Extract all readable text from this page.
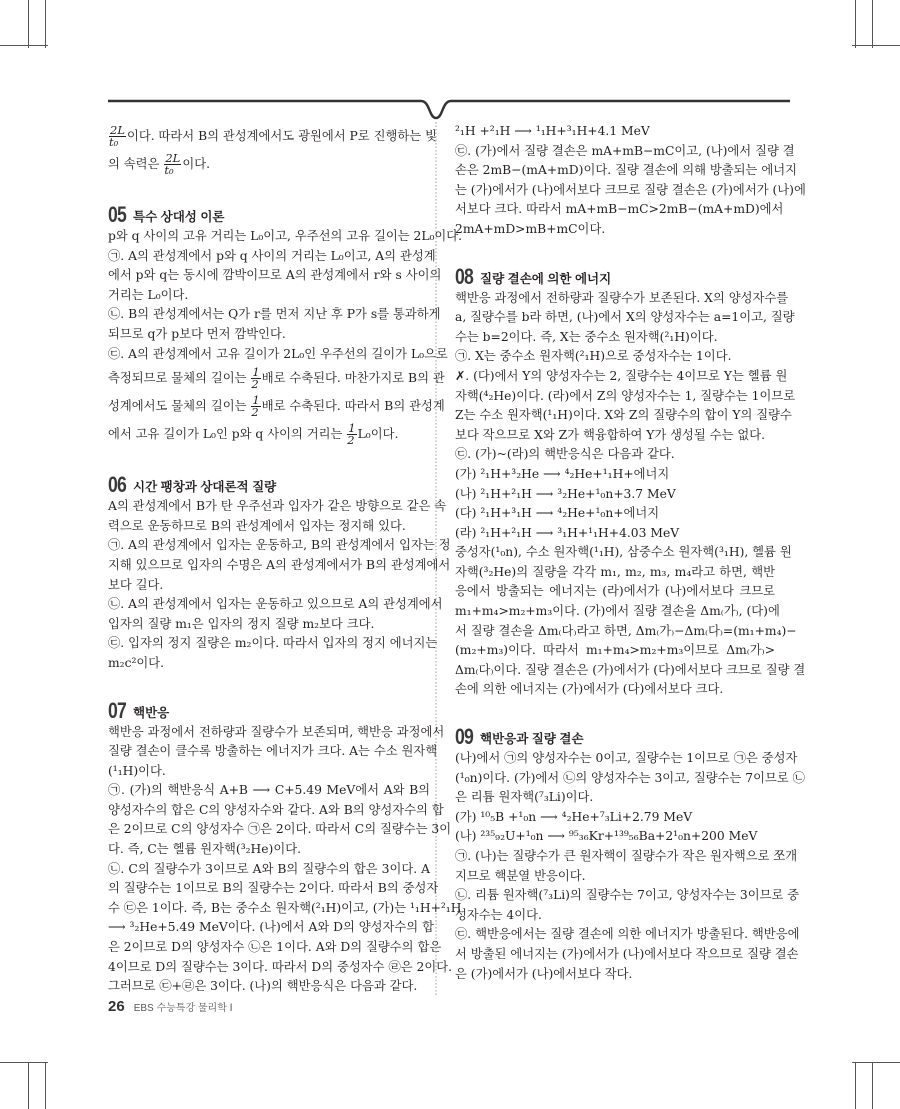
$\frac{2L}{\text{t₀}}$ 이다. 따라서 B의 관성계에서도 광원에서 P로 진행하는 빛
의 속력은 $\frac{2L}{\text{t₀}}$ 이다.
05 특수 상대성 이론
p와 q 사이의 고유 거리는 L₀이고, 우주선의 고유 길이는 2L₀이다.
㉠. A의 관성계에서 p와 q 사이의 거리는 L₀이고, A의 관성계
에서 p와 q는 동시에 깜박이므로 A의 관성계에서 r와 s 사이의
거리는 L₀이다.
㉡. B의 관성계에서는 Q가 r를 먼저 지난 후 P가 s를 통과하게
되므로 q가 p보다 먼저 깜박인다.
㉢. A의 관성계에서 고유 길이가 2L₀인 우주선의 길이가 L₀으로
측정되므로 물체의 길이는 $\frac{1}{2}$ 배로 수축된다. 마찬가지로 B의 관
성계에서도 물체의 길이는 $\frac{1}{2}$ 배로 수축된다. 따라서 B의 관성계
에서 고유 길이가 L₀인 p와 q 사이의 거리는 $\frac{1}{2} L_0$이다.
06 시간 팽창과 상대론적 질량
A의 관성계에서 B가 탄 우주선과 입자가 같은 방향으로 같은 속
력으로 운동하므로 B의 관성계에서 입자는 정지해 있다.
㉠. A의 관성계에서 입자는 운동하고, B의 관성계에서 입자는 정
지해 있으므로 입자의 수명은 A의 관성계에서가 B의 관성계에서
보다 길다.
㉡. A의 관성계에서 입자는 운동하고 있으므로 A의 관성계에서
입자의 질량 m₁은 입자의 정지 질량 m₂보다 크다.
㉢. 입자의 정지 질량은 m₂이다. 따라서 입자의 정지 에너지는
m₂c²이다.
07 핵반응
핵반응 과정에서 전하량과 질량수가 보존되며, 핵반응 과정에서
질량 결손이 클수록 방출하는 에너지가 크다. A는 수소 원자핵
(¹₁H)이다.
㉠. (가)의 핵반응식 A+B ⟶ C+5.49 MeV에서 A와 B의
양성자수의 합은 C의 양성자수와 같다. A와 B의 양성자수의 합
은 2이므로 C의 양성자수 ㉠은 2이다. 따라서 C의 질량수는 3이
다. 즉, C는 헬륨 원자핵(³₂He)이다.
㉡. C의 질량수가 3이므로 A와 B의 질량수의 합은 3이다. A
의 질량수는 1이므로 B의 질량수는 2이다. 따라서 B의 중성자
수 ㉢은 1이다. 즉, B는 중수소 원자핵(²₁H)이고, (가)는 ¹₁H+²₁H
⟶ ³₂He+5.49 MeV이다. (나)에서 A와 D의 양성자수의 합
은 2이므로 D의 양성자수 ㉡은 1이다. A와 D의 질량수의 합은
4이므로 D의 질량수는 3이다. 따라서 D의 중성자수 ㉣은 2이다.
그러므로 ㉢+㉣은 3이다. (나)의 핵반응식은 다음과 같다.
²₁H +²₁H ⟶ ¹₁H+³₁H+4.1 MeV
㉢. (가)에서 질량 결손은 mA+mB−mC이고, (나)에서 질량 결
손은 2mB−(mA+mD)이다. 질량 결손에 의해 방출되는 에너지
는 (가)에서가 (나)에서보다 크므로 질량 결손은 (가)에서가 (나)에
서보다 크다. 따라서 mA+mB−mC>2mB−(mA+mD)에서
2mA+mD>mB+mC이다.
08 질량 결손에 의한 에너지
핵반응 과정에서 전하량과 질량수가 보존된다. X의 양성자수를
a, 질량수를 b라 하면, (나)에서 X의 양성자수는 a=1이고, 질량
수는 b=2이다. 즉, X는 중수소 원자핵(²₁H)이다.
㉠. X는 중수소 원자핵(²₁H)으로 중성자수는 1이다.
✗. (다)에서 Y의 양성자수는 2, 질량수는 4이므로 Y는 헬륨 원
자핵(⁴₂He)이다. (라)에서 Z의 양성자수는 1, 질량수는 1이므로
Z는 수소 원자핵(¹₁H)이다. X와 Z의 질량수의 합이 Y의 질량수
보다 작으므로 X와 Z가 핵융합하여 Y가 생성될 수는 없다.
㉢. (가)~(라)의 핵반응식은 다음과 같다.
(가) ²₁H+³₂He ⟶ ⁴₂He+¹₁H+에너지
(나) ²₁H+²₁H ⟶ ³₂He+¹₀n+3.7 MeV
(다) ²₁H+³₁H ⟶ ⁴₂He+¹₀n+에너지
(라) ²₁H+²₁H ⟶ ³₁H+¹₁H+4.03 MeV
중성자(¹₀n), 수소 원자핵(¹₁H), 삼중수소 원자핵(³₁H), 헬륨 원
자핵(³₂He)의 질량을 각각 m₁, m₂, m₃, m₄라고 하면, 핵반
응에서 방출되는 에너지는 (라)에서가 (나)에서보다 크므로
m₁+m₄>m₂+m₃이다. (가)에서 질량 결손을 Δm₍가₎, (다)에
서 질량 결손을 Δm₍다₎라고 하면, Δm₍가₎−Δm₍다₎=(m₁+m₄)−
(m₂+m₃)이다. 따라서 m₁+m₄>m₂+m₃이므로 Δm₍가₎>
Δm₍다₎이다. 질량 결손은 (가)에서가 (다)에서보다 크므로 질량 결
손에 의한 에너지는 (가)에서가 (다)에서보다 크다.
09 핵반응과 질량 결손
(나)에서 ㉠의 양성자수는 0이고, 질량수는 1이므로 ㉠은 중성자
(¹₀n)이다. (가)에서 ㉡의 양성자수는 3이고, 질량수는 7이므로 ㉡
은 리튬 원자핵(⁷₃Li)이다.
(가) ¹⁰₅B +¹₀n ⟶ ⁴₂He+⁷₃Li+2.79 MeV
(나) ²³⁵₉₂U+¹₀n ⟶ ⁹⁵₃₆Kr+¹³⁹₅₆Ba+2¹₀n+200 MeV
㉠. (나)는 질량수가 큰 원자핵이 질량수가 작은 원자핵으로 쪼개
지므로 핵분열 반응이다.
㉡. 리튬 원자핵(⁷₃Li)의 질량수는 7이고, 양성자수는 3이므로 중
성자수는 4이다.
㉢. 핵반응에서는 질량 결손에 의한 에너지가 방출된다. 핵반응에
서 방출된 에너지는 (가)에서가 (나)에서보다 작으므로 질량 결손
은 (가)에서가 (나)에서보다 작다.
26 EBS 수능특강 물리학 Ⅰ
